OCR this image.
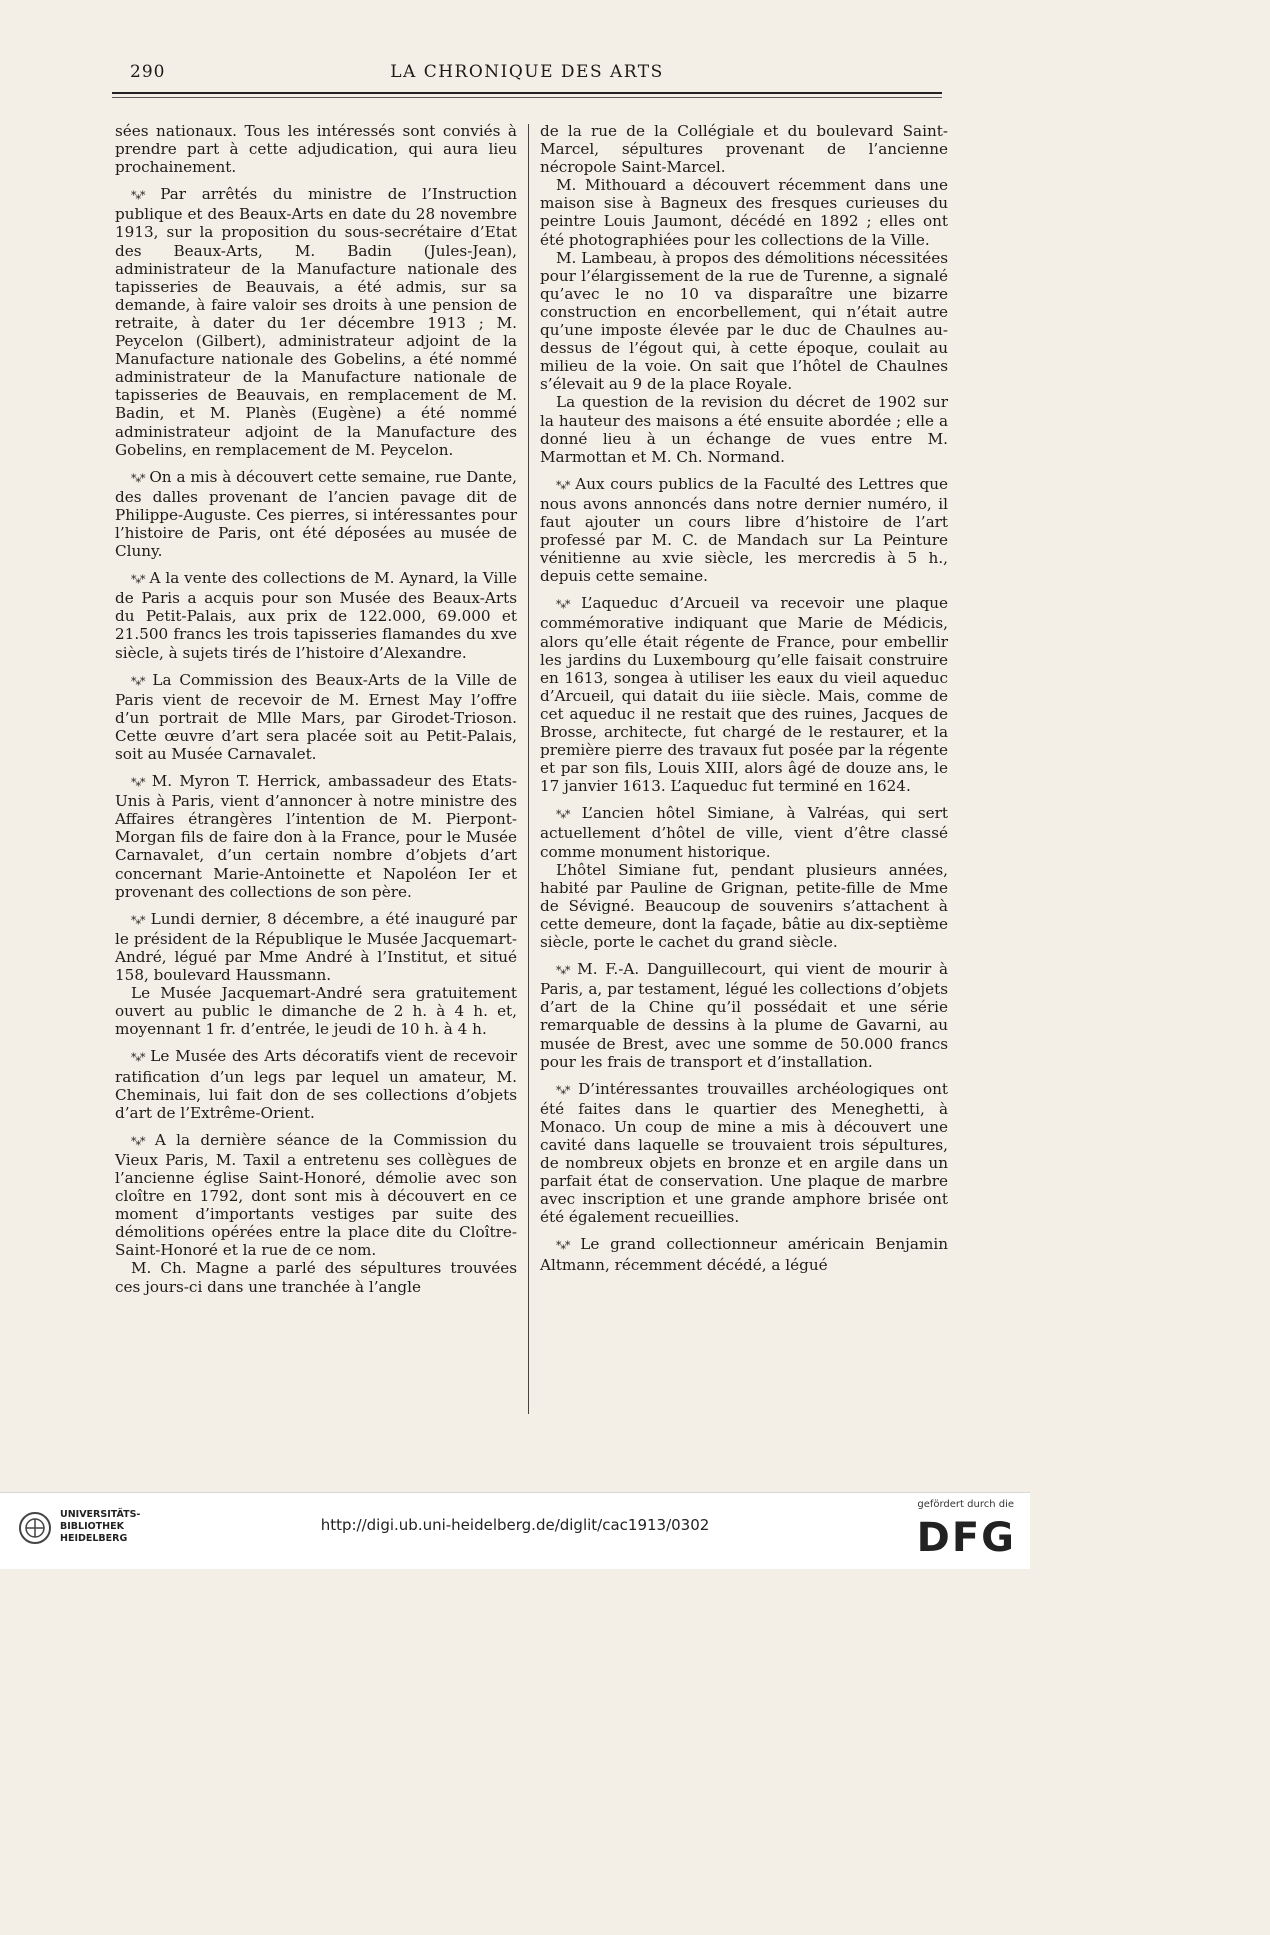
290	LA CHRONIQUE DES ARTS

sées nationaux. Tous les intéressés sont conviés à prendre part à cette adjudication, qui aura lieu prochainement.

*⁎* Par arrêtés du ministre de l’Instruction publique et des Beaux-Arts en date du 28 novembre 1913, sur la proposition du sous-secrétaire d’Etat des Beaux-Arts, M. Badin (Jules-Jean), administrateur de la Manufacture nationale des tapisseries de Beauvais, a été admis, sur sa demande, à faire valoir ses droits à une pension de retraite, à dater du 1er décembre 1913 ; M. Peycelon (Gilbert), administrateur adjoint de la Manufacture nationale des Gobelins, a été nommé administrateur de la Manufacture nationale de tapisseries de Beauvais, en remplacement de M. Badin, et M. Planès (Eugène) a été nommé administrateur adjoint de la Manufacture des Gobelins, en remplacement de M. Peycelon.

*⁎* On a mis à découvert cette semaine, rue Dante, des dalles provenant de l’ancien pavage dit de Philippe-Auguste. Ces pierres, si intéressantes pour l’histoire de Paris, ont été déposées au musée de Cluny.

*⁎* A la vente des collections de M. Aynard, la Ville de Paris a acquis pour son Musée des Beaux-Arts du Petit-Palais, aux prix de 122.000, 69.000 et 21.500 francs les trois tapisseries flamandes du xve siècle, à sujets tirés de l’histoire d’Alexandre.

*⁎* La Commission des Beaux-Arts de la Ville de Paris vient de recevoir de M. Ernest May l’offre d’un portrait de Mlle Mars, par Girodet-Trioson. Cette œuvre d’art sera placée soit au Petit-Palais, soit au Musée Carnavalet.

*⁎* M. Myron T. Herrick, ambassadeur des Etats-Unis à Paris, vient d’annoncer à notre ministre des Affaires étrangères l’intention de M. Pierpont-Morgan fils de faire don à la France, pour le Musée Carnavalet, d’un certain nombre d’objets d’art concernant Marie-Antoinette et Napoléon Ier et provenant des collections de son père.

*⁎* Lundi dernier, 8 décembre, a été inauguré par le président de la République le Musée Jacquemart-André, légué par Mme André à l’Institut, et situé 158, boulevard Haussmann.

Le Musée Jacquemart-André sera gratuitement ouvert au public le dimanche de 2 h. à 4 h. et, moyennant 1 fr. d’entrée, le jeudi de 10 h. à 4 h.

*⁎* Le Musée des Arts décoratifs vient de recevoir ratification d’un legs par lequel un amateur, M. Cheminais, lui fait don de ses collections d’objets d’art de l’Extrême-Orient.

*⁎* A la dernière séance de la Commission du Vieux Paris, M. Taxil a entretenu ses collègues de l’ancienne église Saint-Honoré, démolie avec son cloître en 1792, dont sont mis à découvert en ce moment d’importants vestiges par suite des démolitions opérées entre la place dite du Cloître-Saint-Honoré et la rue de ce nom.

M. Ch. Magne a parlé des sépultures trouvées ces jours-ci dans une tranchée à l’angle

de la rue de la Collégiale et du boulevard Saint-Marcel, sépultures provenant de l’ancienne nécropole Saint-Marcel.

M. Mithouard a découvert récemment dans une maison sise à Bagneux des fresques curieuses du peintre Louis Jaumont, décédé en 1892 ; elles ont été photographiées pour les collections de la Ville.

M. Lambeau, à propos des démolitions nécessitées pour l’élargissement de la rue de Turenne, a signalé qu’avec le no 10 va disparaître une bizarre construction en encorbellement, qui n’était autre qu’une imposte élevée par le duc de Chaulnes au-dessus de l’égout qui, à cette époque, coulait au milieu de la voie. On sait que l’hôtel de Chaulnes s’élevait au 9 de la place Royale.

La question de la revision du décret de 1902 sur la hauteur des maisons a été ensuite abordée ; elle a donné lieu à un échange de vues entre M. Marmottan et M. Ch. Normand.

*⁎* Aux cours publics de la Faculté des Lettres que nous avons annoncés dans notre dernier numéro, il faut ajouter un cours libre d’histoire de l’art professé par M. C. de Mandach sur La Peinture vénitienne au xvie siècle, les mercredis à 5 h., depuis cette semaine.

*⁎* L’aqueduc d’Arcueil va recevoir une plaque commémorative indiquant que Marie de Médicis, alors qu’elle était régente de France, pour embellir les jardins du Luxembourg qu’elle faisait construire en 1613, songea à utiliser les eaux du vieil aqueduc d’Arcueil, qui datait du iiie siècle. Mais, comme de cet aqueduc il ne restait que des ruines, Jacques de Brosse, architecte, fut chargé de le restaurer, et la première pierre des travaux fut posée par la régente et par son fils, Louis XIII, alors âgé de douze ans, le 17 janvier 1613. L’aqueduc fut terminé en 1624.

*⁎* L’ancien hôtel Simiane, à Valréas, qui sert actuellement d’hôtel de ville, vient d’être classé comme monument historique.

L’hôtel Simiane fut, pendant plusieurs années, habité par Pauline de Grignan, petite-fille de Mme de Sévigné. Beaucoup de souvenirs s’attachent à cette demeure, dont la façade, bâtie au dix-septième siècle, porte le cachet du grand siècle.

*⁎* M. F.-A. Danguillecourt, qui vient de mourir à Paris, a, par testament, légué les collections d’objets d’art de la Chine qu’il possédait et une série remarquable de dessins à la plume de Gavarni, au musée de Brest, avec une somme de 50.000 francs pour les frais de transport et d’installation.

*⁎* D’intéressantes trouvailles archéologiques ont été faites dans le quartier des Meneghetti, à Monaco. Un coup de mine a mis à découvert une cavité dans laquelle se trouvaient trois sépultures, de nombreux objets en bronze et en argile dans un parfait état de conservation. Une plaque de marbre avec inscription et une grande amphore brisée ont été également recueillies.

*⁎* Le grand collectionneur américain Benjamin Altmann, récemment décédé, a légué

UNIVERSITÄTS-
BIBLIOTHEK
HEIDELBERG
http://digi.ub.uni-heidelberg.de/diglit/cac1913/0302
gefördert durch die
DFG
